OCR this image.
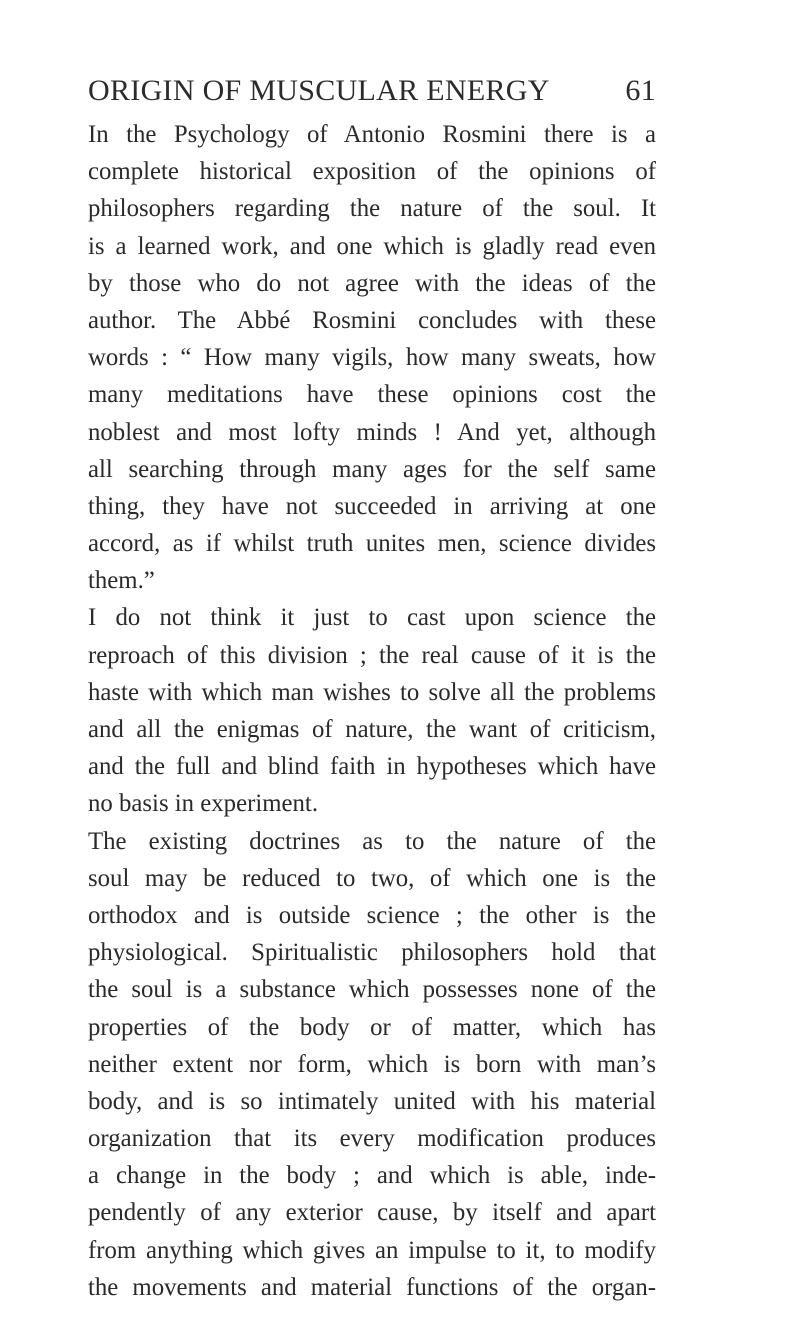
ORIGIN OF MUSCULAR ENERGY	61
In the Psychology of Antonio Rosmini there is a
complete historical exposition of the opinions of
philosophers regarding the nature of the soul. It
is a learned work, and one which is gladly read even
by those who do not agree with the ideas of the
author. The Abbé Rosmini concludes with these
words : “ How many vigils, how many sweats, how
many meditations have these opinions cost the
noblest and most lofty minds ! And yet, although
all searching through many ages for the self same
thing, they have not succeeded in arriving at one
accord, as if whilst truth unites men, science divides
them.”
I do not think it just to cast upon science the
reproach of this division ; the real cause of it is the
haste with which man wishes to solve all the problems
and all the enigmas of nature, the want of criticism,
and the full and blind faith in hypotheses which have
no basis in experiment.
The existing doctrines as to the nature of the
soul may be reduced to two, of which one is the
orthodox and is outside science ; the other is the
physiological. Spiritualistic philosophers hold that
the soul is a substance which possesses none of the
properties of the body or of matter, which has
neither extent nor form, which is born with man’s
body, and is so intimately united with his material
organization that its every modification produces
a change in the body ; and which is able, inde-
pendently of any exterior cause, by itself and apart
from anything which gives an impulse to it, to modify
the movements and material functions of the organ-
